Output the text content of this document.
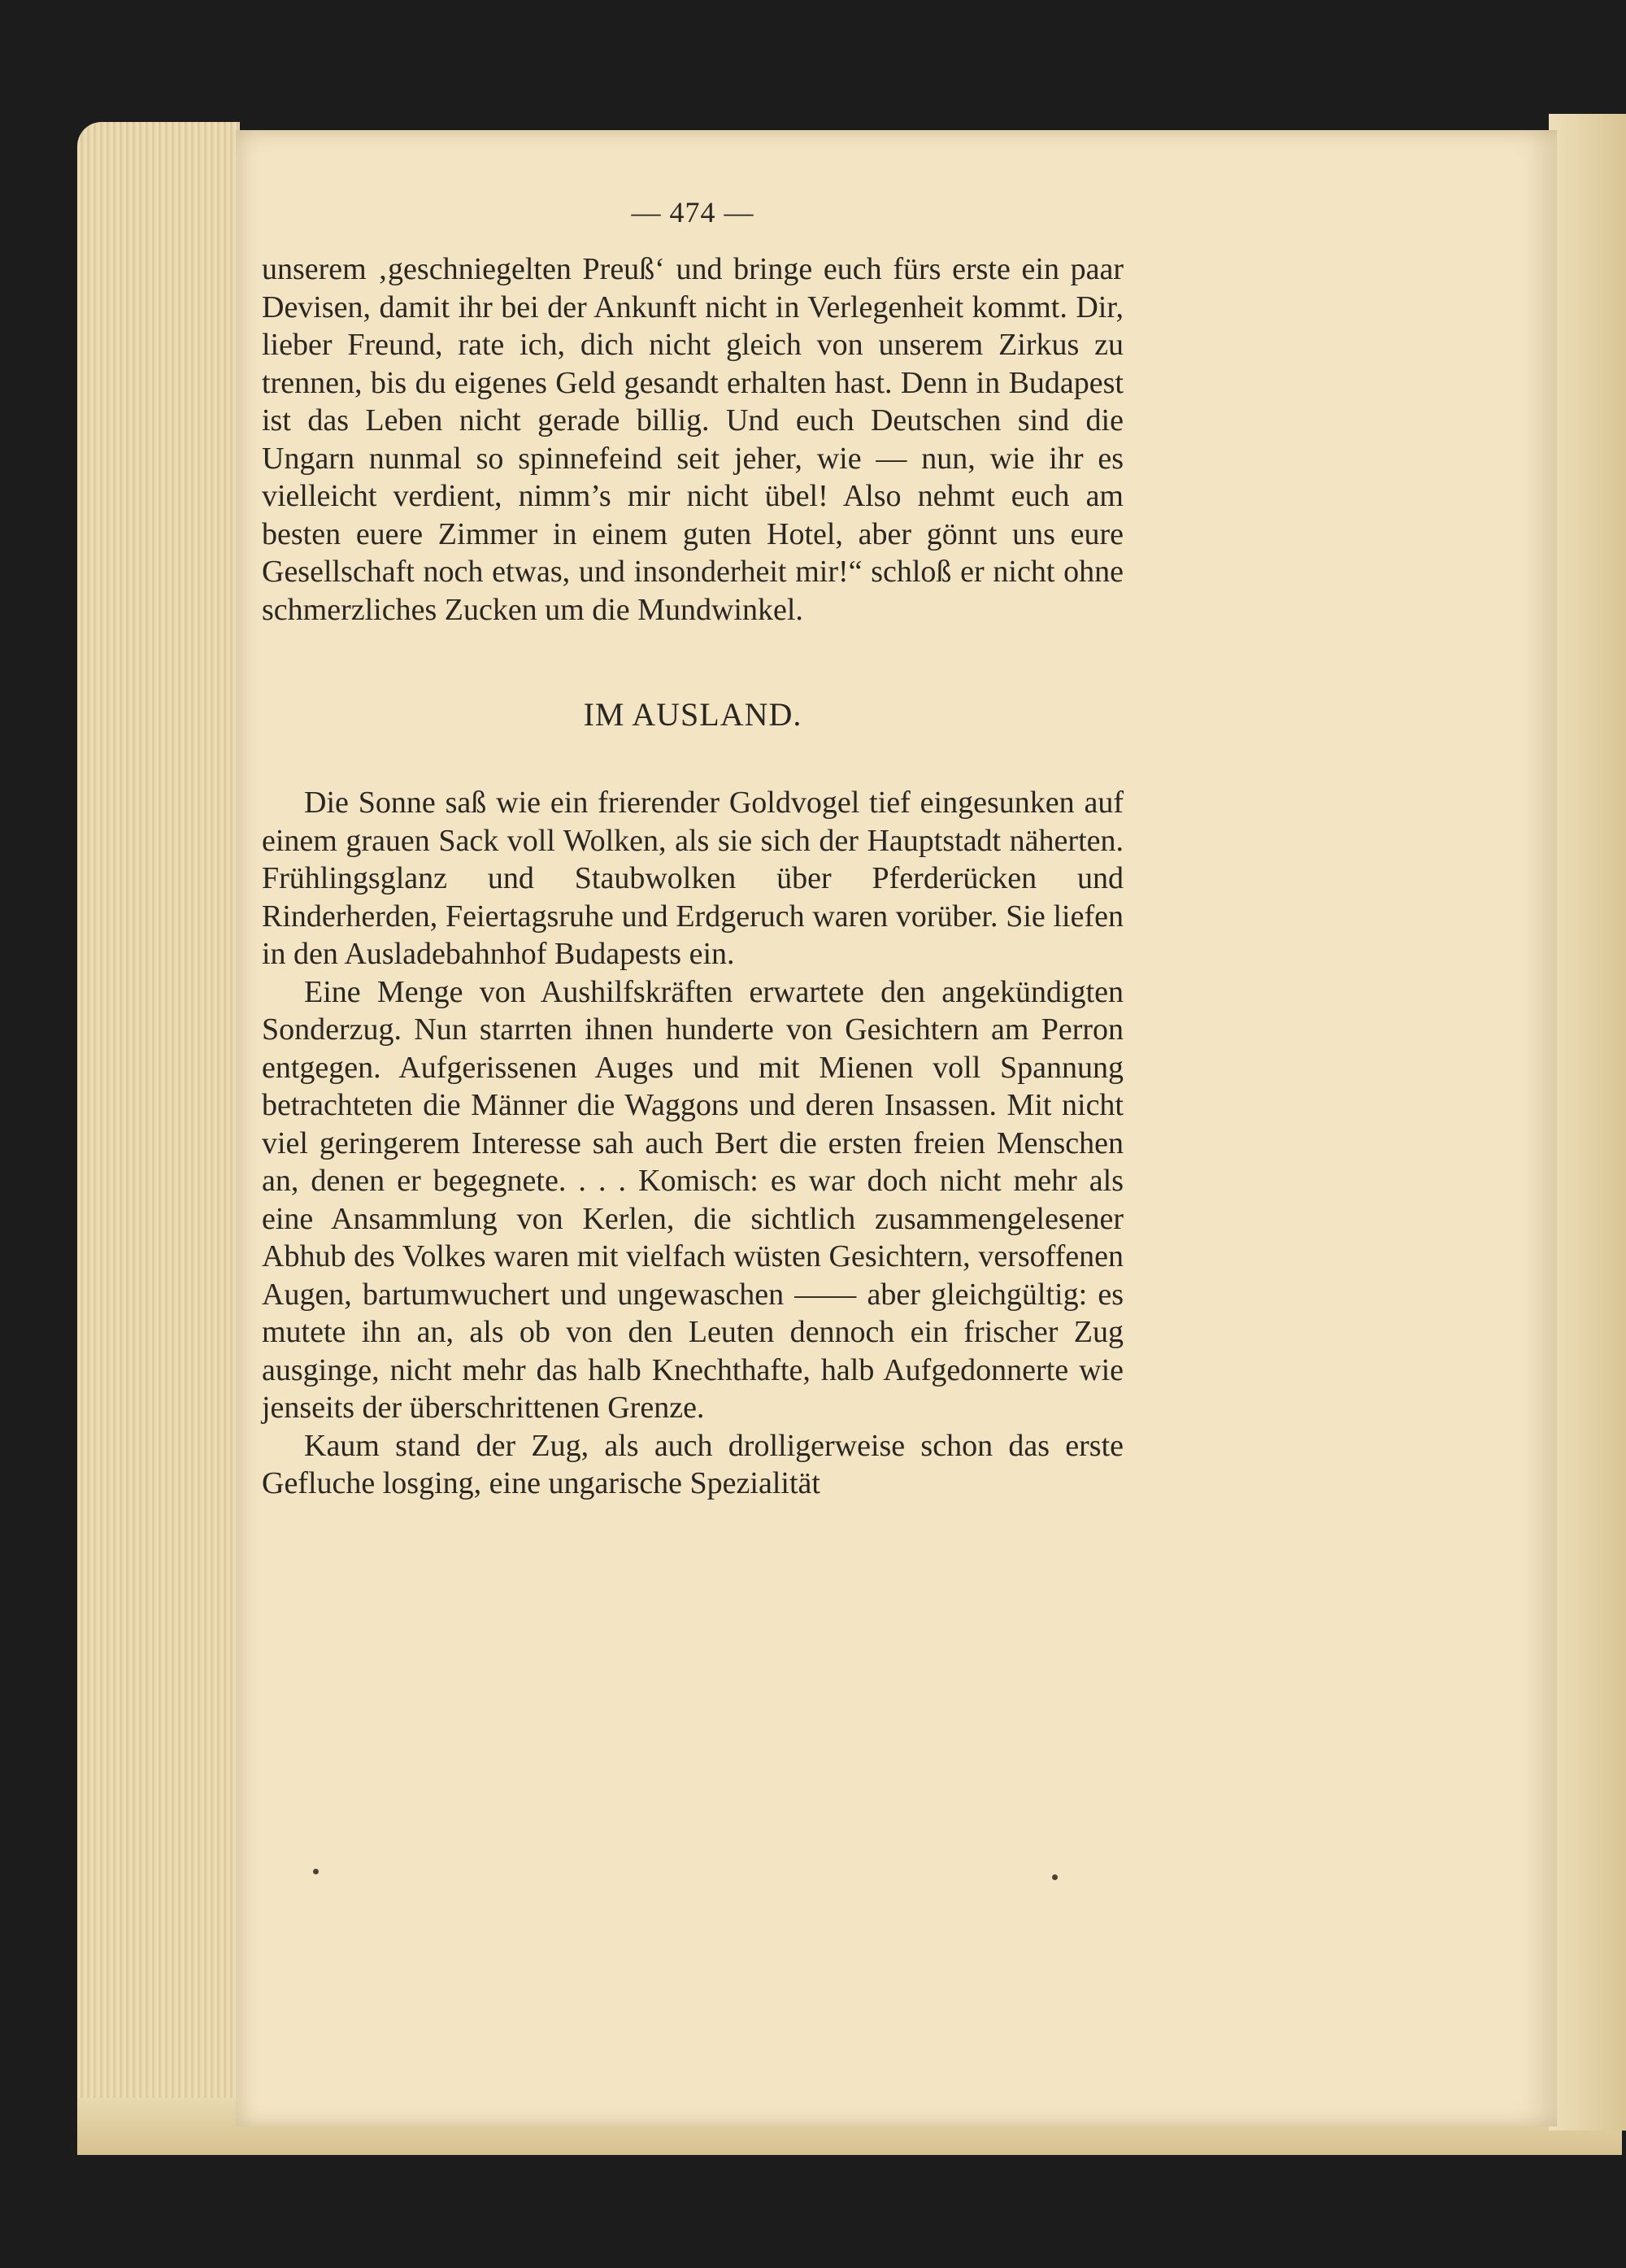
— 474 —

unserem ‚geschniegelten Preuß‘ und bringe euch fürs erste ein paar Devisen, damit ihr bei der Ankunft nicht in Verlegenheit kommt. Dir, lieber Freund, rate ich, dich nicht gleich von unserem Zirkus zu trennen, bis du eigenes Geld gesandt erhalten hast. Denn in Budapest ist das Leben nicht gerade billig. Und euch Deutschen sind die Ungarn nunmal so spinnefeind seit jeher, wie — nun, wie ihr es vielleicht verdient, nimm’s mir nicht übel! Also nehmt euch am besten euere Zimmer in einem guten Hotel, aber gönnt uns eure Gesellschaft noch etwas, und insonderheit mir!“ schloß er nicht ohne schmerzliches Zucken um die Mundwinkel.

IM AUSLAND.

Die Sonne saß wie ein frierender Goldvogel tief eingesunken auf einem grauen Sack voll Wolken, als sie sich der Hauptstadt näherten. Frühlingsglanz und Staubwolken über Pferderücken und Rinderherden, Feiertagsruhe und Erdgeruch waren vorüber. Sie liefen in den Ausladebahnhof Budapests ein.

Eine Menge von Aushilfskräften erwartete den angekündigten Sonderzug. Nun starrten ihnen hunderte von Gesichtern am Perron entgegen. Aufgerissenen Auges und mit Mienen voll Spannung betrachteten die Männer die Waggons und deren Insassen. Mit nicht viel geringerem Interesse sah auch Bert die ersten freien Menschen an, denen er begegnete. . . . Komisch: es war doch nicht mehr als eine Ansammlung von Kerlen, die sichtlich zusammengelesener Abhub des Volkes waren mit vielfach wüsten Gesichtern, versoffenen Augen, bartumwuchert und ungewaschen —— aber gleichgültig: es mutete ihn an, als ob von den Leuten dennoch ein frischer Zug ausginge, nicht mehr das halb Knechthafte, halb Aufgedonnerte wie jenseits der überschrittenen Grenze.

Kaum stand der Zug, als auch drolligerweise schon das erste Gefluche losging, eine ungarische Spezialität
